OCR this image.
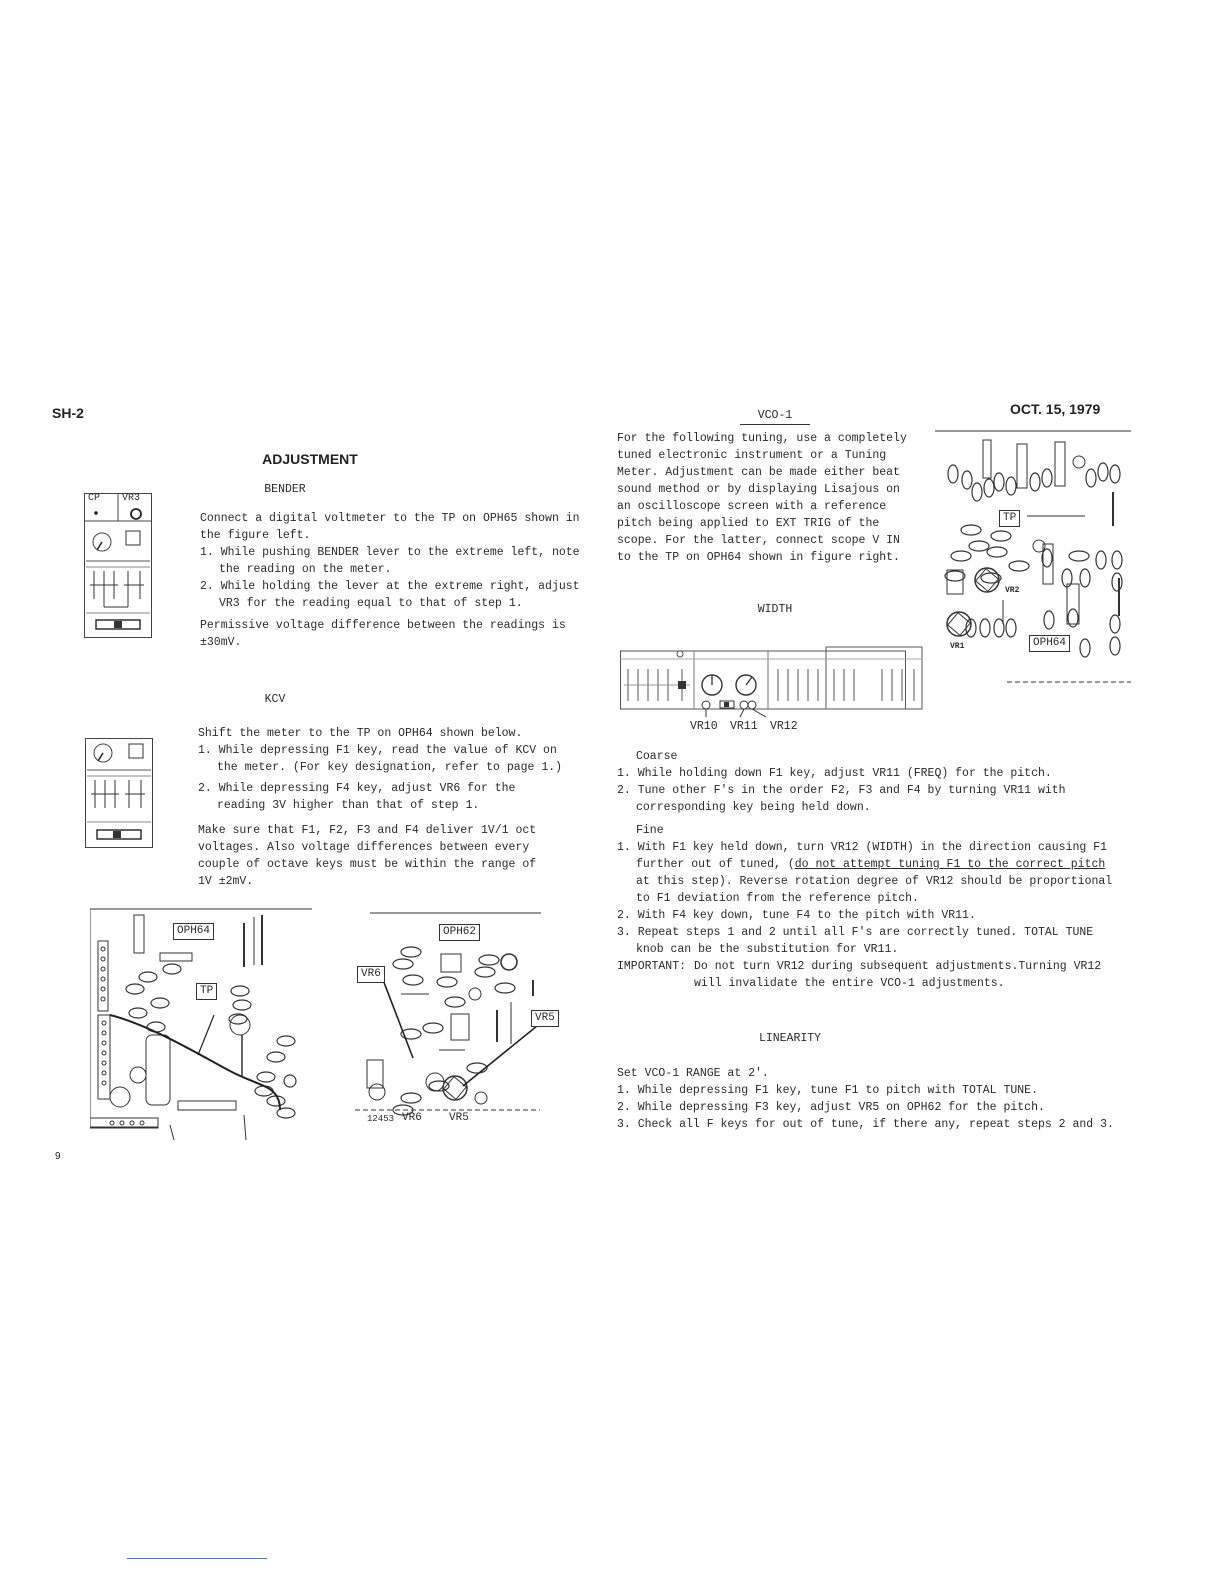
SH-2	OCT. 15, 1979
9
ADJUSTMENT
BENDER
Connect a digital voltmeter to the TP on OPH65 shown in the figure left.
1. While pushing BENDER lever to the extreme left, note the reading on the meter.
2. While holding the lever at the extreme right, adjust VR3 for the reading equal to that of step 1.
Permissive voltage difference between the readings is ±30mV.
CP VR3
KCV
Shift the meter to the TP on OPH64 shown below.
1. While depressing F1 key, read the value of KCV on the meter. (For key designation, refer to page 1.)
2. While depressing F4 key, adjust VR6 for the reading 3V higher than that of step 1.
Make sure that F1, F2, F3 and F4 deliver 1V/1 oct voltages. Also voltage differences between every couple of octave keys must be within the range of 1V ±2mV.
OPH64
TP
OPH62
VR6
VR5
12453 VR6 VR5
VCO-1
For the following tuning, use a completely tuned electronic instrument or a Tuning Meter. Adjustment can be made either beat sound method or by displaying Lisajous on an oscilloscope screen with a reference pitch being applied to EXT TRIG of the scope. For the latter, connect scope V IN to the TP on OPH64 shown in figure right.
TP
VR2
VR1	OPH64
WIDTH
VR10 VR11 VR12
Coarse
1. While holding down F1 key, adjust VR11 (FREQ) for the pitch.
2. Tune other F's in the order F2, F3 and F4 by turning VR11 with corresponding key being held down.
Fine
1. With F1 key held down, turn VR12 (WIDTH) in the direction causing F1 further out of tuned, (do not attempt tuning F1 to the correct pitch at this step). Reverse rotation degree of VR12 should be proportional to F1 deviation from the reference pitch.
2. With F4 key down, tune F4 to the pitch with VR11.
3. Repeat steps 1 and 2 until all F's are correctly tuned. TOTAL TUNE knob can be the substitution for VR11.
IMPORTANT: Do not turn VR12 during subsequent adjustments.Turning VR12 will invalidate the entire VCO-1 adjustments.
LINEARITY
Set VCO-1 RANGE at 2'.
1. While depressing F1 key, tune F1 to pitch with TOTAL TUNE.
2. While depressing F3 key, adjust VR5 on OPH62 for the pitch.
3. Check all F keys for out of tune, if there any, repeat steps 2 and 3.
